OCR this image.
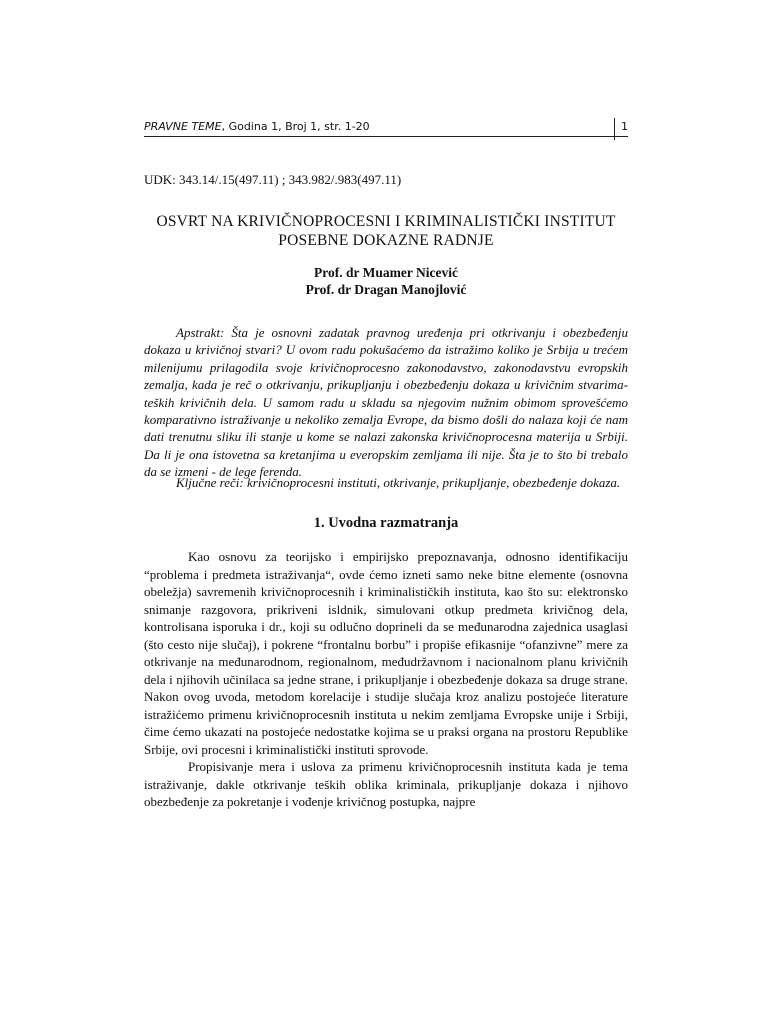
PRAVNE TEME, Godina 1, Broj 1, str. 1-20	1
UDK: 343.14/.15(497.11) ; 343.982/.983(497.11)
OSVRT NA KRIVIČNOPROCESNI I KRIMINALISTIČKI INSTITUT
POSEBNE DOKAZNE RADNJE
Prof. dr Muamer Nicević
Prof. dr Dragan Manojlović
Apstrakt: Šta je osnovni zadatak pravnog uređenja pri otkrivanju i obezbeđenju dokaza u krivičnoj stvari? U ovom radu pokušaćemo da istražimo koliko je Srbija u trećem milenijumu prilagodila svoje krivičnoprocesno zakonodavstvo, zakonodavstvu evropskih zemalja, kada je reč o otkrivanju, prikupljanju i obezbeđenju dokaza u krivičnim stvarima- teških krivičnih dela. U samom radu u skladu sa njegovim nužnim obimom sprovešćemo komparativno istraživanje u nekoliko zemalja Evrope, da bismo došli do nalaza koji će nam dati trenutnu sliku ili stanje u kome se nalazi zakonska krivičnoprocesna materija u Srbiji. Da li je ona istovetna sa kretanjima u everopskim zemljama ili nije. Šta je to što bi trebalo da se izmeni - de lege ferenda.
Ključne reči: krivičnoprocesni instituti, otkrivanje, prikupljanje, obezbeđenje dokaza.
1. Uvodna razmatranja

Kao osnovu za teorijsko i empirijsko prepoznavanja, odnosno identifikaciju “problema i predmeta istraživanja“, ovde ćemo izneti samo neke bitne elemente (osnovna obeležja) savremenih krivičnoprocesnih i kriminalističkih instituta, kao što su: elektronsko snimanje razgovora, prikriveni isldnik, simulovani otkup predmeta krivičnog dela, kontrolisana isporuka i dr., koji su odlučno doprineli da se međunarodna zajednica usaglasi (što cesto nije slučaj), i pokrene “frontalnu borbu” i propiše efikasnije “ofanzivne” mere za otkrivanje na međunarodnom, regionalnom, međudržavnom i nacionalnom planu krivičnih dela i njihovih učinilaca sa jedne strane, i prikupljanje i obezbeđenje dokaza sa druge strane. Nakon ovog uvoda, metodom korelacije i studije slučaja kroz analizu postojeće literature istražićemo primenu krivičnoprocesnih instituta u nekim zemljama Evropske unije i Srbiji, čime ćemo ukazati na postojeće nedostatke kojima se u praksi organa na prostoru Republike Srbije, ovi procesni i kriminalistički instituti sprovode.

Propisivanje mera i uslova za primenu krivičnoprocesnih instituta kada je tema istraživanje, dakle otkrivanje teških oblika kriminala, prikupljanje dokaza i njihovo obezbeđenje za pokretanje i vođenje krivičnog postupka, najpre
